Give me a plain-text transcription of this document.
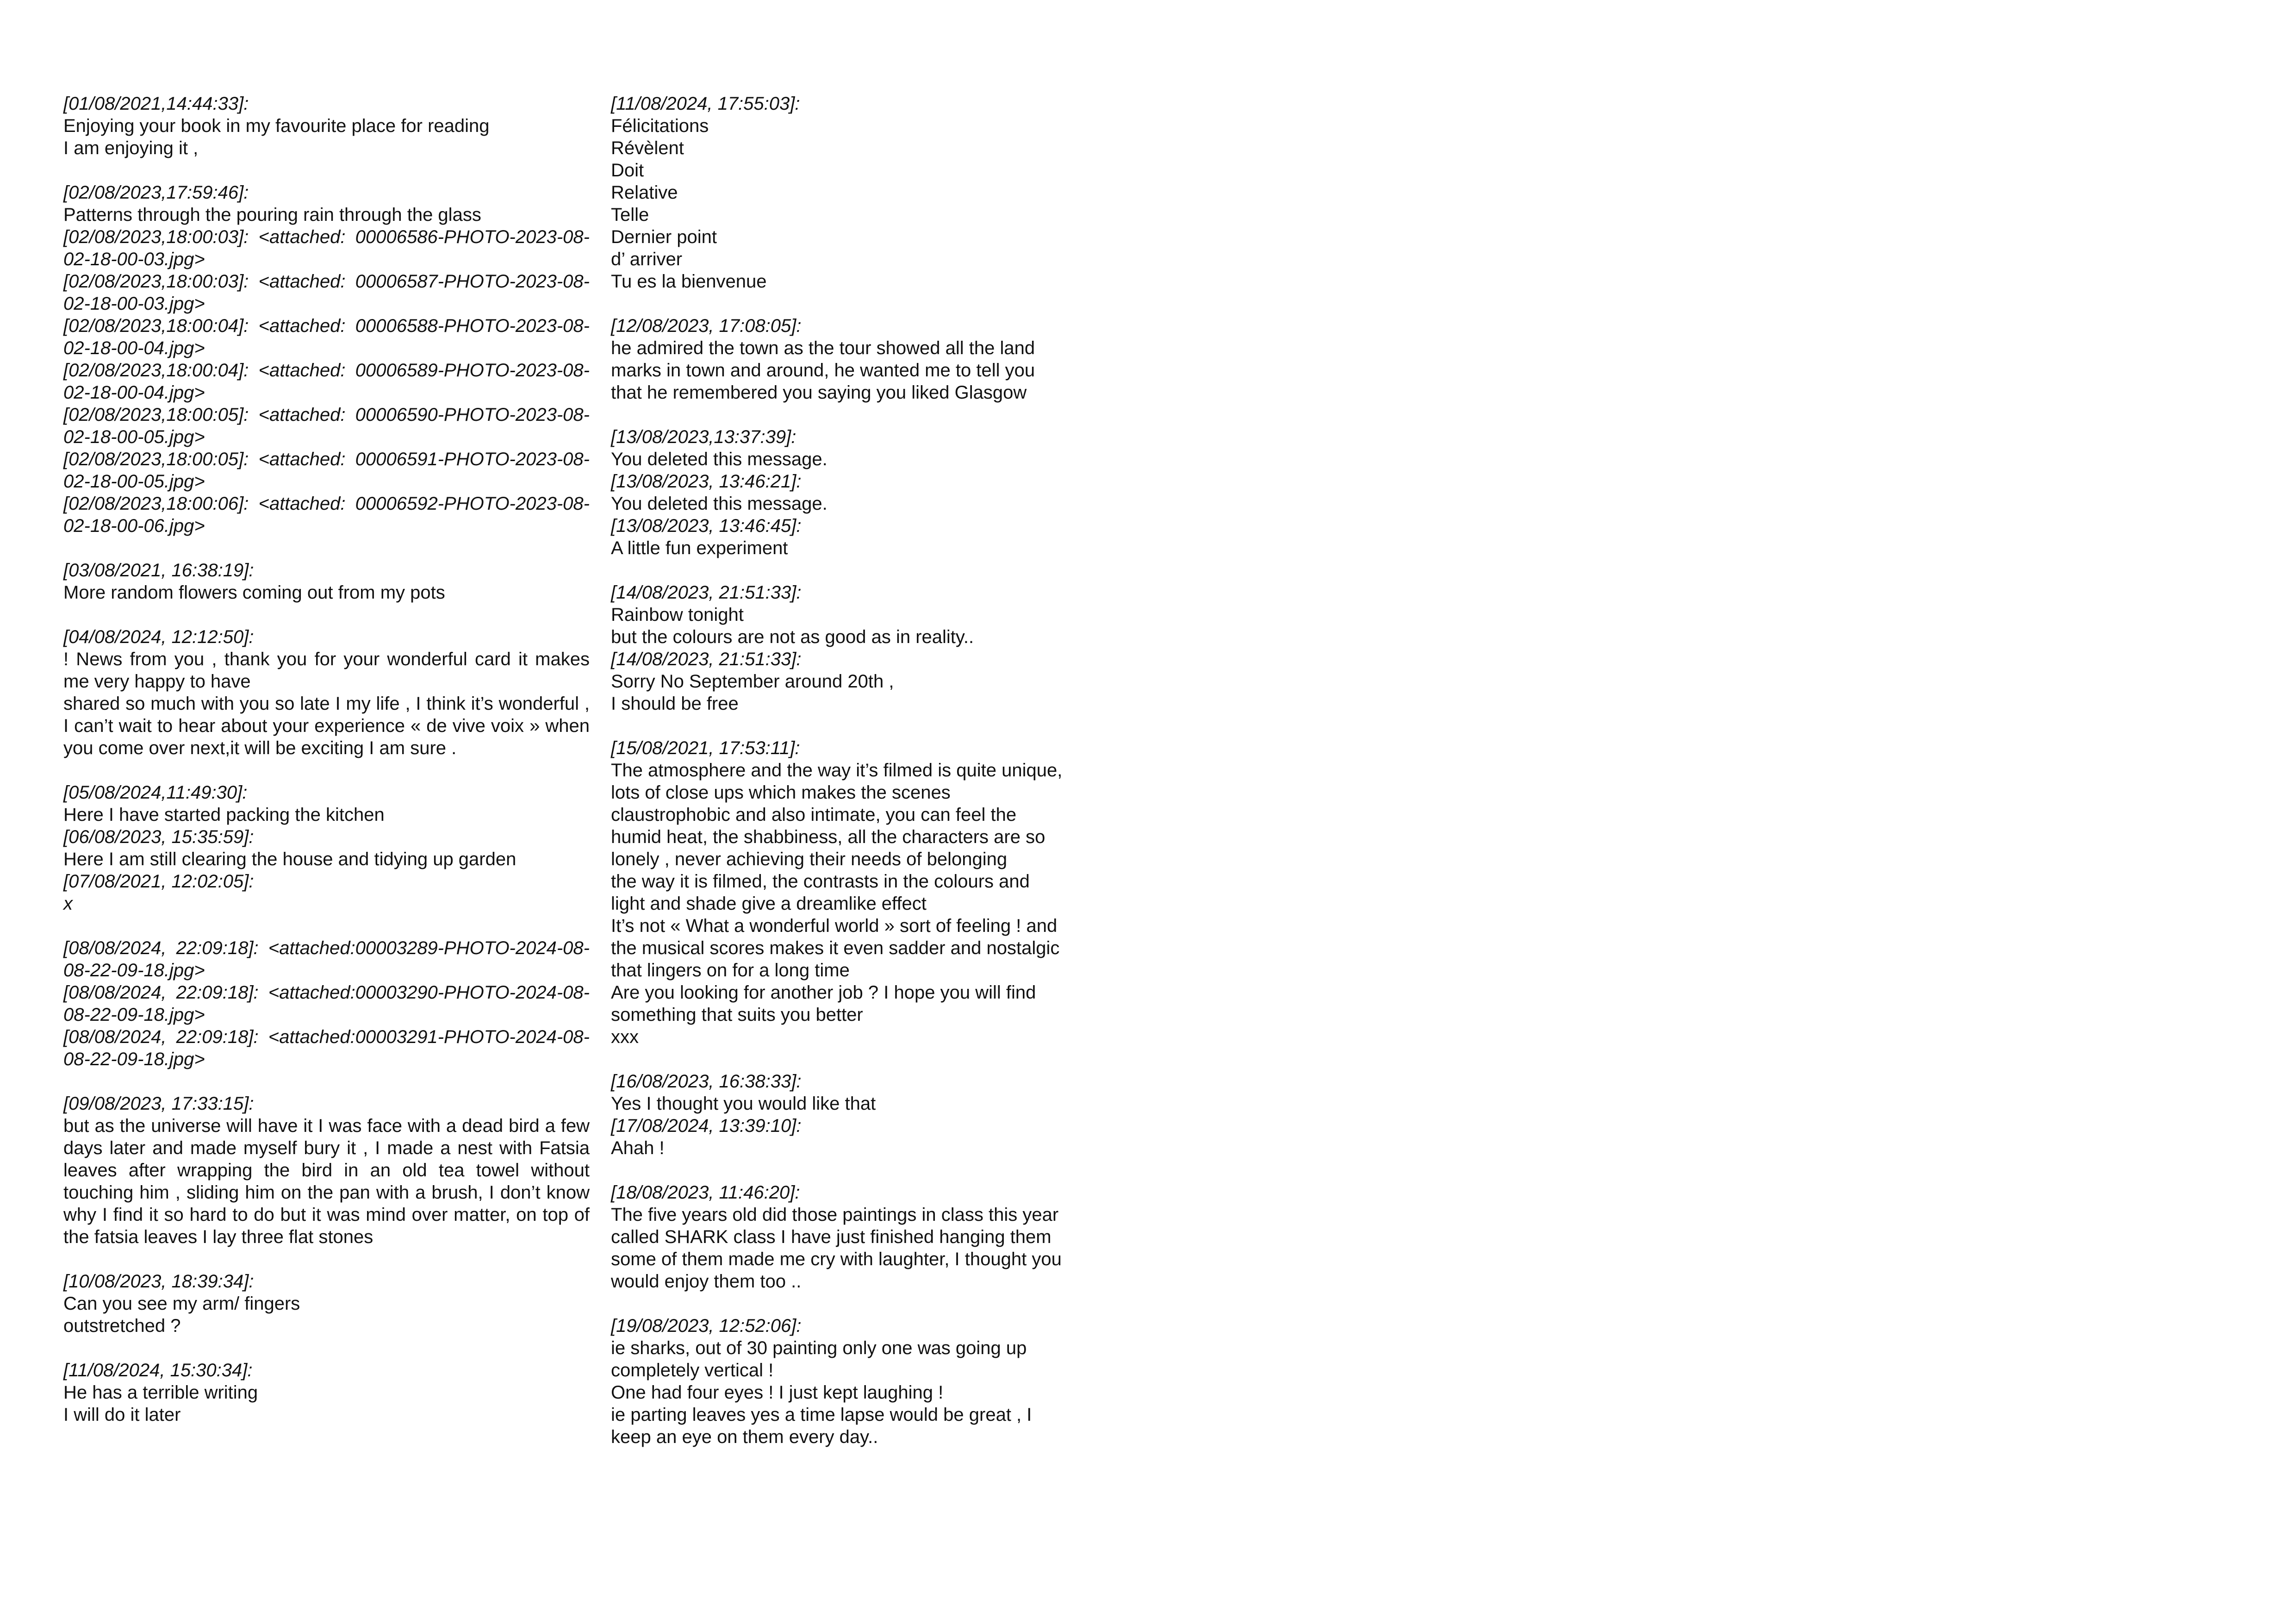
[01/08/2021,14:44:33]:

Enjoying your book in my favourite place for reading

I am enjoying it ,

[02/08/2023,17:59:46]:

Patterns through the pouring rain through the glass

[02/08/2023,18:00:03]: <attached: 00006586-PHOTO-2023-08-02-18-00-03.jpg>

[02/08/2023,18:00:03]: <attached: 00006587-PHOTO-2023-08-02-18-00-03.jpg>

[02/08/2023,18:00:04]: <attached: 00006588-PHOTO-2023-08-02-18-00-04.jpg>

[02/08/2023,18:00:04]: <attached: 00006589-PHOTO-2023-08-02-18-00-04.jpg>

[02/08/2023,18:00:05]: <attached: 00006590-PHOTO-2023-08-02-18-00-05.jpg>

[02/08/2023,18:00:05]: <attached: 00006591-PHOTO-2023-08-02-18-00-05.jpg>

[02/08/2023,18:00:06]: <attached: 00006592-PHOTO-2023-08-02-18-00-06.jpg>

[03/08/2021, 16:38:19]:

More random flowers coming out from my pots

[04/08/2024, 12:12:50]:

! News from you , thank you for your wonderful card it makes me very happy to have

shared so much with you so late I my life , I think it’s wonderful , I can’t wait to hear about your experience « de vive voix » when you come over next,it will be exciting I am sure .

[05/08/2024,11:49:30]:

Here I have started packing the kitchen

[06/08/2023, 15:35:59]:

Here I am still clearing the house and tidying up garden

[07/08/2021, 12:02:05]:

x

[08/08/2024, 22:09:18]: <attached:00003289-PHOTO-2024-08-08-22-09-18.jpg>

[08/08/2024, 22:09:18]: <attached:00003290-PHOTO-2024-08-08-22-09-18.jpg>

[08/08/2024, 22:09:18]: <attached:00003291-PHOTO-2024-08-08-22-09-18.jpg>

[09/08/2023, 17:33:15]:

but as the universe will have it I was face with a dead bird a few days later and made myself bury it , I made a nest with Fatsia leaves after wrapping the bird in an old tea towel without touching him , sliding him on the pan with a brush, I don’t know why I find it so hard to do but it was mind over matter, on top of the fatsia leaves I lay three flat stones

[10/08/2023, 18:39:34]:

Can you see my arm/ fingers

outstretched ?

[11/08/2024, 15:30:34]:

He has a terrible writing

I will do it later

[11/08/2024, 17:55:03]:

Félicitations

Révèlent

Doit

Relative

Telle

Dernier point

d’ arriver

Tu es la bienvenue

[12/08/2023, 17:08:05]:

he admired the town as the tour showed all the land

marks in town and around, he wanted me to tell you

that he remembered you saying you liked Glasgow

[13/08/2023,13:37:39]:

You deleted this message.

[13/08/2023, 13:46:21]:

You deleted this message.

[13/08/2023, 13:46:45]:

A little fun experiment

[14/08/2023, 21:51:33]:

Rainbow tonight

but the colours are not as good as in reality..

[14/08/2023, 21:51:33]:

Sorry No September around 20th ,

I should be free

[15/08/2021, 17:53:11]:

The atmosphere and the way it’s filmed is quite unique,

lots of close ups which makes the scenes

claustrophobic and also intimate, you can feel the

humid heat, the shabbiness, all the characters are so

lonely , never achieving their needs of belonging

the way it is filmed, the contrasts in the colours and

light and shade give a dreamlike effect

It’s not « What a wonderful world » sort of feeling ! and

the musical scores makes it even sadder and nostalgic

that lingers on for a long time

Are you looking for another job ? I hope you will find

something that suits you better

xxx

[16/08/2023, 16:38:33]:

Yes I thought you would like that

[17/08/2024, 13:39:10]:

Ahah !

[18/08/2023, 11:46:20]:

The five years old did those paintings in class this year

called SHARK class I have just finished hanging them

some of them made me cry with laughter, I thought you

would enjoy them too ..

[19/08/2023, 12:52:06]:

ie sharks, out of 30 painting only one was going up

completely vertical !

One had four eyes ! I just kept laughing !

ie parting leaves yes a time lapse would be great , I

keep an eye on them every day..
